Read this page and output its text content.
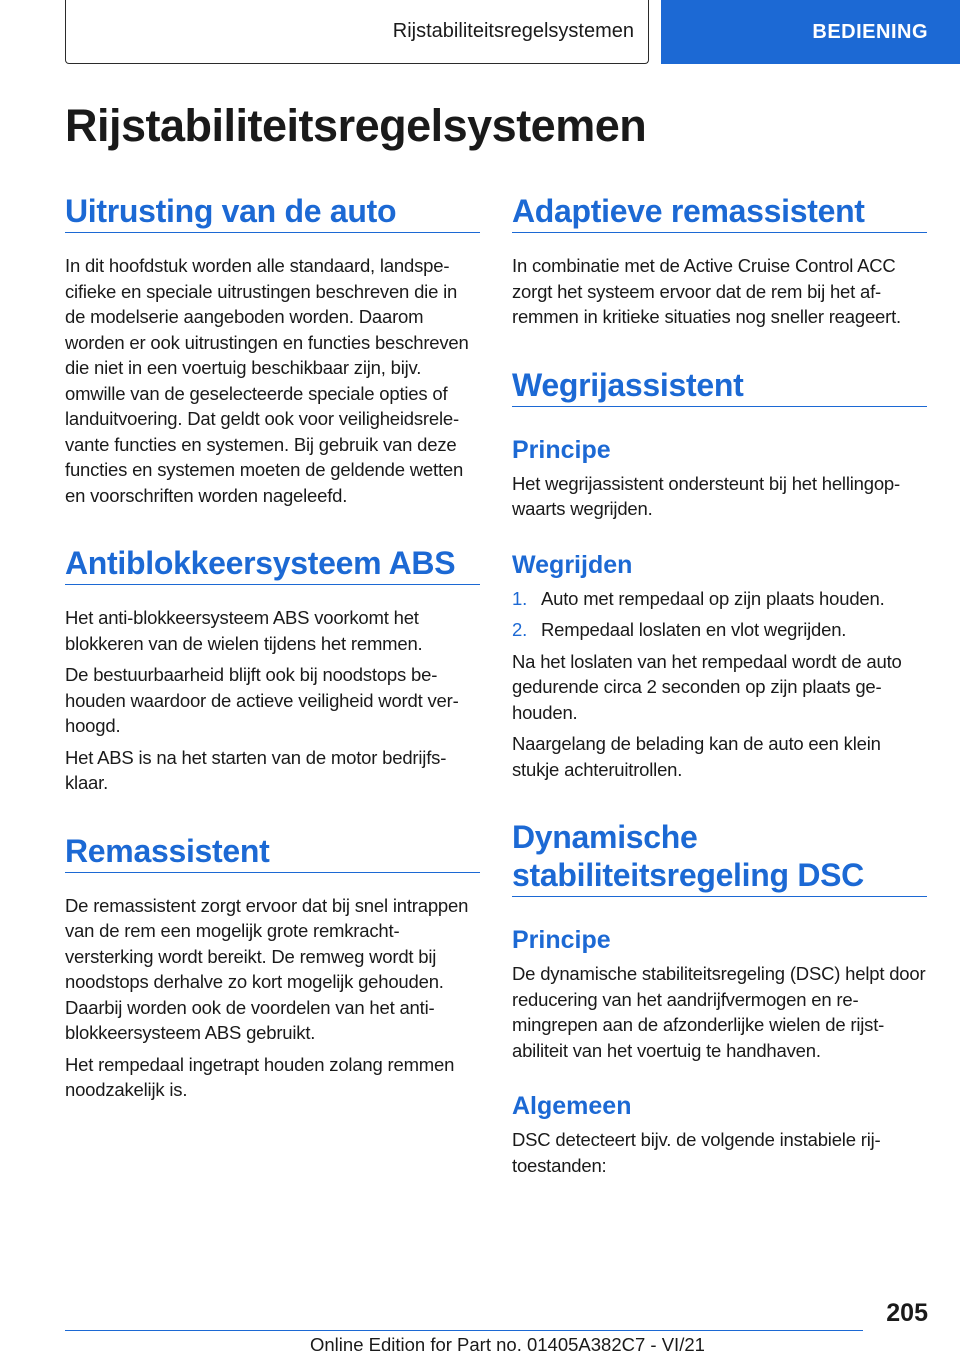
Rijstabiliteitsregelsystemen	BEDIENING
Rijstabiliteitsregelsystemen
Uitrusting van de auto

In dit hoofdstuk worden alle standaard, landspecifieke en speciale uitrustingen beschreven die in de modelserie aangeboden worden. Daarom worden er ook uitrustingen en functies beschreven die niet in een voertuig beschikbaar zijn, bijv. omwille van de geselecteerde speciale opties of landuitvoering. Dat geldt ook voor veiligheidsrelevante functies en systemen. Bij gebruik van deze functies en systemen moeten de geldende wetten en voorschriften worden nageleefd.

Antiblokkeersysteem ABS

Het anti-blokkeersysteem ABS voorkomt het blokkeren van de wielen tijdens het remmen.

De bestuurbaarheid blijft ook bij noodstops behouden waardoor de actieve veiligheid wordt verhoogd.

Het ABS is na het starten van de motor bedrijfsklaar.

Remassistent

De remassistent zorgt ervoor dat bij snel intrappen van de rem een mogelijk grote remkrachtversterking wordt bereikt. De remweg wordt bij noodstops derhalve zo kort mogelijk gehouden. Daarbij worden ook de voordelen van het antiblokkeersysteem ABS gebruikt.

Het rempedaal ingetrapt houden zolang remmen noodzakelijk is.

Adaptieve remassistent

In combinatie met de Active Cruise Control ACC zorgt het systeem ervoor dat de rem bij het afremmen in kritieke situaties nog sneller reageert.

Wegrijassistent
Principe

Het wegrijassistent ondersteunt bij het hellingopwaarts wegrijden.

Wegrijden
1. Auto met rempedaal op zijn plaats houden.
2. Rempedaal loslaten en vlot wegrijden.

Na het loslaten van het rempedaal wordt de auto gedurende circa 2 seconden op zijn plaats gehouden.

Naargelang de belading kan de auto een klein stukje achteruitrollen.

Dynamische
stabiliteitsregeling DSC
Principe

De dynamische stabiliteitsregeling (DSC) helpt door reducering van het aandrijfvermogen en remingrepen aan de afzonderlijke wielen de rijstabiliteit van het voertuig te handhaven.

Algemeen

DSC detecteert bijv. de volgende instabiele rijtoestanden:

205
Online Edition for Part no. 01405A382C7 - VI/21
